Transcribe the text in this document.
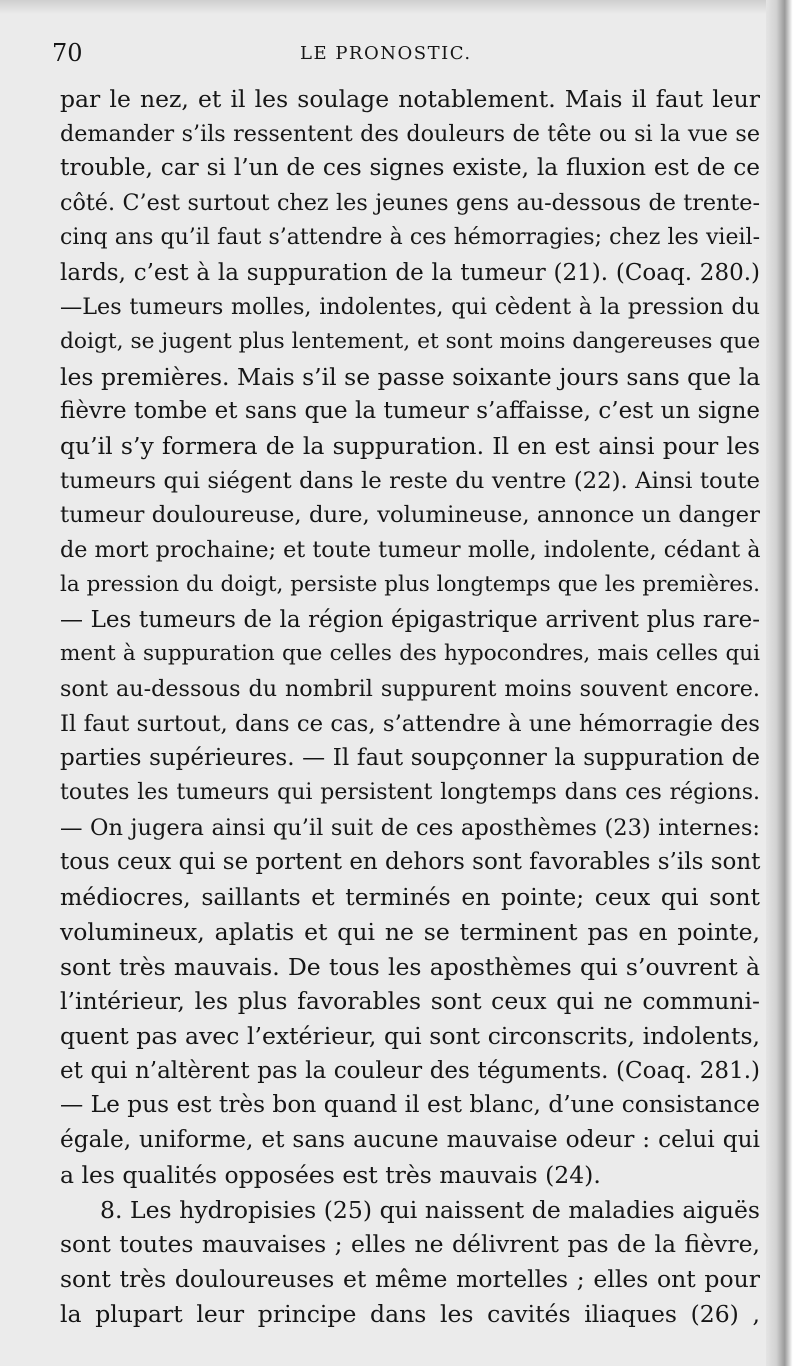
70	LE PRONOSTIC.
par le nez, et il les soulage notablement. Mais il faut leur
demander s’ils ressentent des douleurs de tête ou si la vue se
trouble, car si l’un de ces signes existe, la fluxion est de ce
côté. C’est surtout chez les jeunes gens au-dessous de trente-
cinq ans qu’il faut s’attendre à ces hémorragies; chez les vieil-
lards, c’est à la suppuration de la tumeur (21). (Coaq. 280.)
—Les tumeurs molles, indolentes, qui cèdent à la pression du
doigt, se jugent plus lentement, et sont moins dangereuses que
les premières. Mais s’il se passe soixante jours sans que la
fièvre tombe et sans que la tumeur s’affaisse, c’est un signe
qu’il s’y formera de la suppuration. Il en est ainsi pour les
tumeurs qui siégent dans le reste du ventre (22). Ainsi toute
tumeur douloureuse, dure, volumineuse, annonce un danger
de mort prochaine; et toute tumeur molle, indolente, cédant à
la pression du doigt, persiste plus longtemps que les premières.
— Les tumeurs de la région épigastrique arrivent plus rare-
ment à suppuration que celles des hypocondres, mais celles qui
sont au-dessous du nombril suppurent moins souvent encore.
Il faut surtout, dans ce cas, s’attendre à une hémorragie des
parties supérieures. — Il faut soupçonner la suppuration de
toutes les tumeurs qui persistent longtemps dans ces régions.
— On jugera ainsi qu’il suit de ces aposthèmes (23) internes:
tous ceux qui se portent en dehors sont favorables s’ils sont
médiocres, saillants et terminés en pointe; ceux qui sont
volumineux, aplatis et qui ne se terminent pas en pointe,
sont très mauvais. De tous les aposthèmes qui s’ouvrent à
l’intérieur, les plus favorables sont ceux qui ne communi-
quent pas avec l’extérieur, qui sont circonscrits, indolents,
et qui n’altèrent pas la couleur des téguments. (Coaq. 281.)
— Le pus est très bon quand il est blanc, d’une consistance
égale, uniforme, et sans aucune mauvaise odeur : celui qui
a les qualités opposées est très mauvais (24).
8. Les hydropisies (25) qui naissent de maladies aiguës
sont toutes mauvaises ; elles ne délivrent pas de la fièvre,
sont très douloureuses et même mortelles ; elles ont pour
la plupart leur principe dans les cavités iliaques (26) ,
